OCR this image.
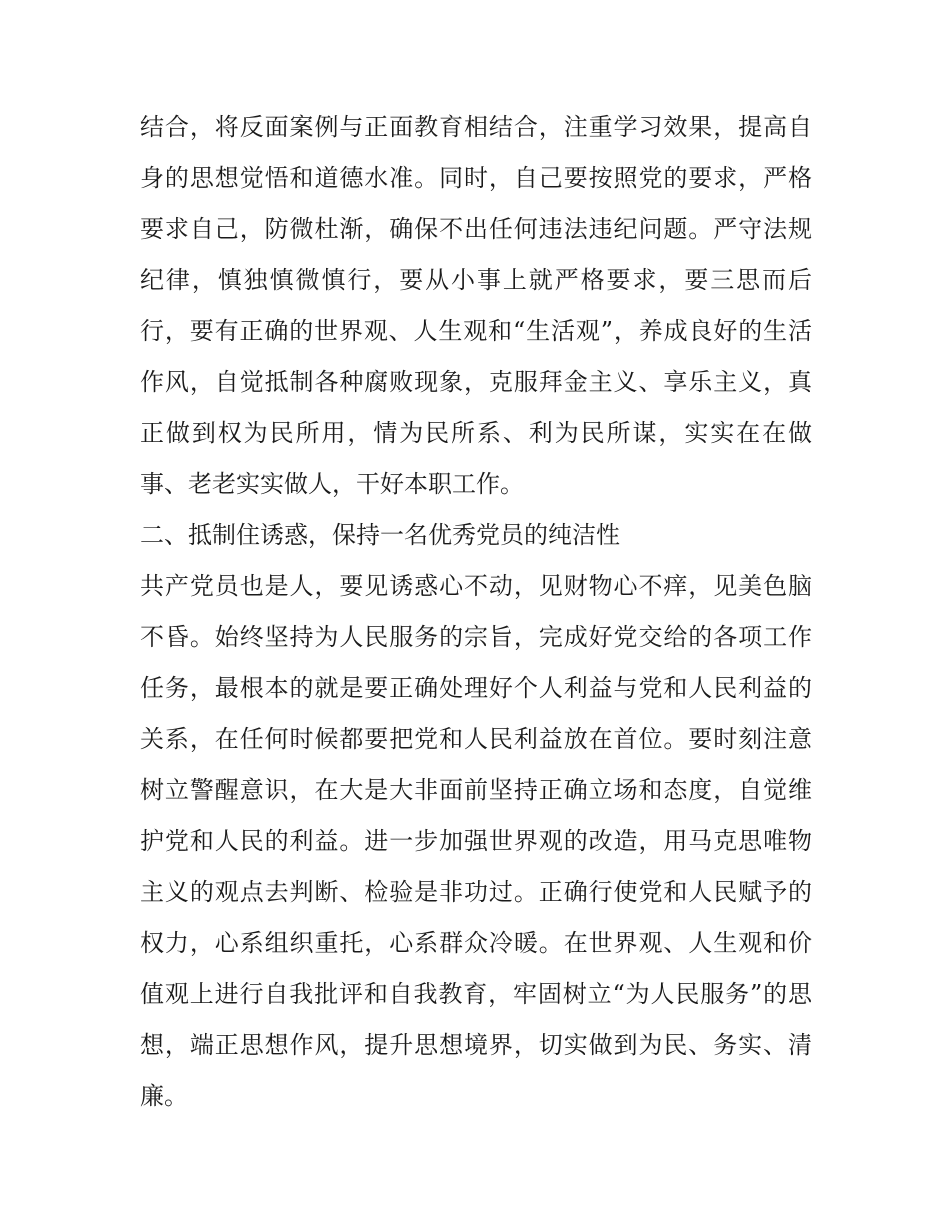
结合，将反面案例与正面教育相结合，注重学习效果，提高自
身的思想觉悟和道德水准。同时，自己要按照党的要求，严格
要求自己，防微杜渐，确保不出任何违法违纪问题。严守法规
纪律，慎独慎微慎行，要从小事上就严格要求，要三思而后
行，要有正确的世界观、人生观和“生活观”，养成良好的生活
作风，自觉抵制各种腐败现象，克服拜金主义、享乐主义，真
正做到权为民所用，情为民所系、利为民所谋，实实在在做
事、老老实实做人，干好本职工作。
二、抵制住诱惑，保持一名优秀党员的纯洁性
共产党员也是人，要见诱惑心不动，见财物心不痒，见美色脑
不昏。始终坚持为人民服务的宗旨，完成好党交给的各项工作
任务，最根本的就是要正确处理好个人利益与党和人民利益的
关系，在任何时候都要把党和人民利益放在首位。要时刻注意
树立警醒意识，在大是大非面前坚持正确立场和态度，自觉维
护党和人民的利益。进一步加强世界观的改造，用马克思唯物
主义的观点去判断、检验是非功过。正确行使党和人民赋予的
权力，心系组织重托，心系群众冷暖。在世界观、人生观和价
值观上进行自我批评和自我教育，牢固树立“为人民服务”的思
想，端正思想作风，提升思想境界，切实做到为民、务实、清
廉。
